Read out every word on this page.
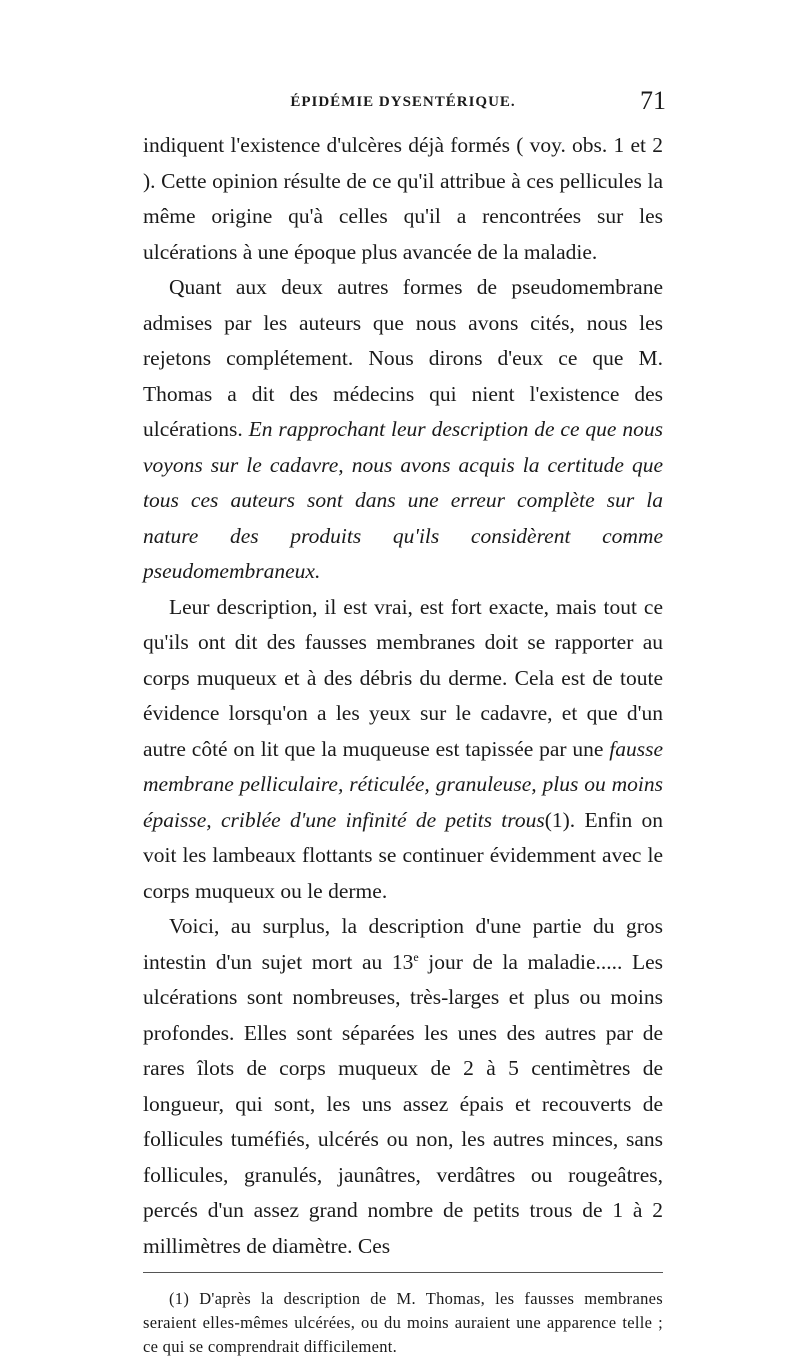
ÉPIDÉMIE DYSENTÉRIQUE.	71

indiquent l'existence d'ulcères déjà formés ( voy. obs. 1 et 2 ). Cette opinion résulte de ce qu'il attribue à ces pellicules la même origine qu'à celles qu'il a rencontrées sur les ulcérations à une époque plus avancée de la maladie.

Quant aux deux autres formes de pseudomembrane admises par les auteurs que nous avons cités, nous les rejetons complétement. Nous dirons d'eux ce que M. Thomas a dit des médecins qui nient l'existence des ulcérations. En rapprochant leur description de ce que nous voyons sur le cadavre, nous avons acquis la certitude que tous ces auteurs sont dans une erreur complète sur la nature des produits qu'ils considèrent comme pseudomembraneux.

Leur description, il est vrai, est fort exacte, mais tout ce qu'ils ont dit des fausses membranes doit se rapporter au corps muqueux et à des débris du derme. Cela est de toute évidence lorsqu'on a les yeux sur le cadavre, et que d'un autre côté on lit que la muqueuse est tapissée par une fausse membrane pelliculaire, réticulée, granuleuse, plus ou moins épaisse, criblée d'une infinité de petits trous(1). Enfin on voit les lambeaux flottants se continuer évidemment avec le corps muqueux ou le derme.

Voici, au surplus, la description d'une partie du gros intestin d'un sujet mort au 13e jour de la maladie..... Les ulcérations sont nombreuses, très-larges et plus ou moins profondes. Elles sont séparées les unes des autres par de rares îlots de corps muqueux de 2 à 5 centimètres de longueur, qui sont, les uns assez épais et recouverts de follicules tuméfiés, ulcérés ou non, les autres minces, sans follicules, granulés, jaunâtres, verdâtres ou rougeâtres, percés d'un assez grand nombre de petits trous de 1 à 2 millimètres de diamètre. Ces

(1) D'après la description de M. Thomas, les fausses membranes seraient elles-mêmes ulcérées, ou du moins auraient une apparence telle ; ce qui se comprendrait difficilement.
